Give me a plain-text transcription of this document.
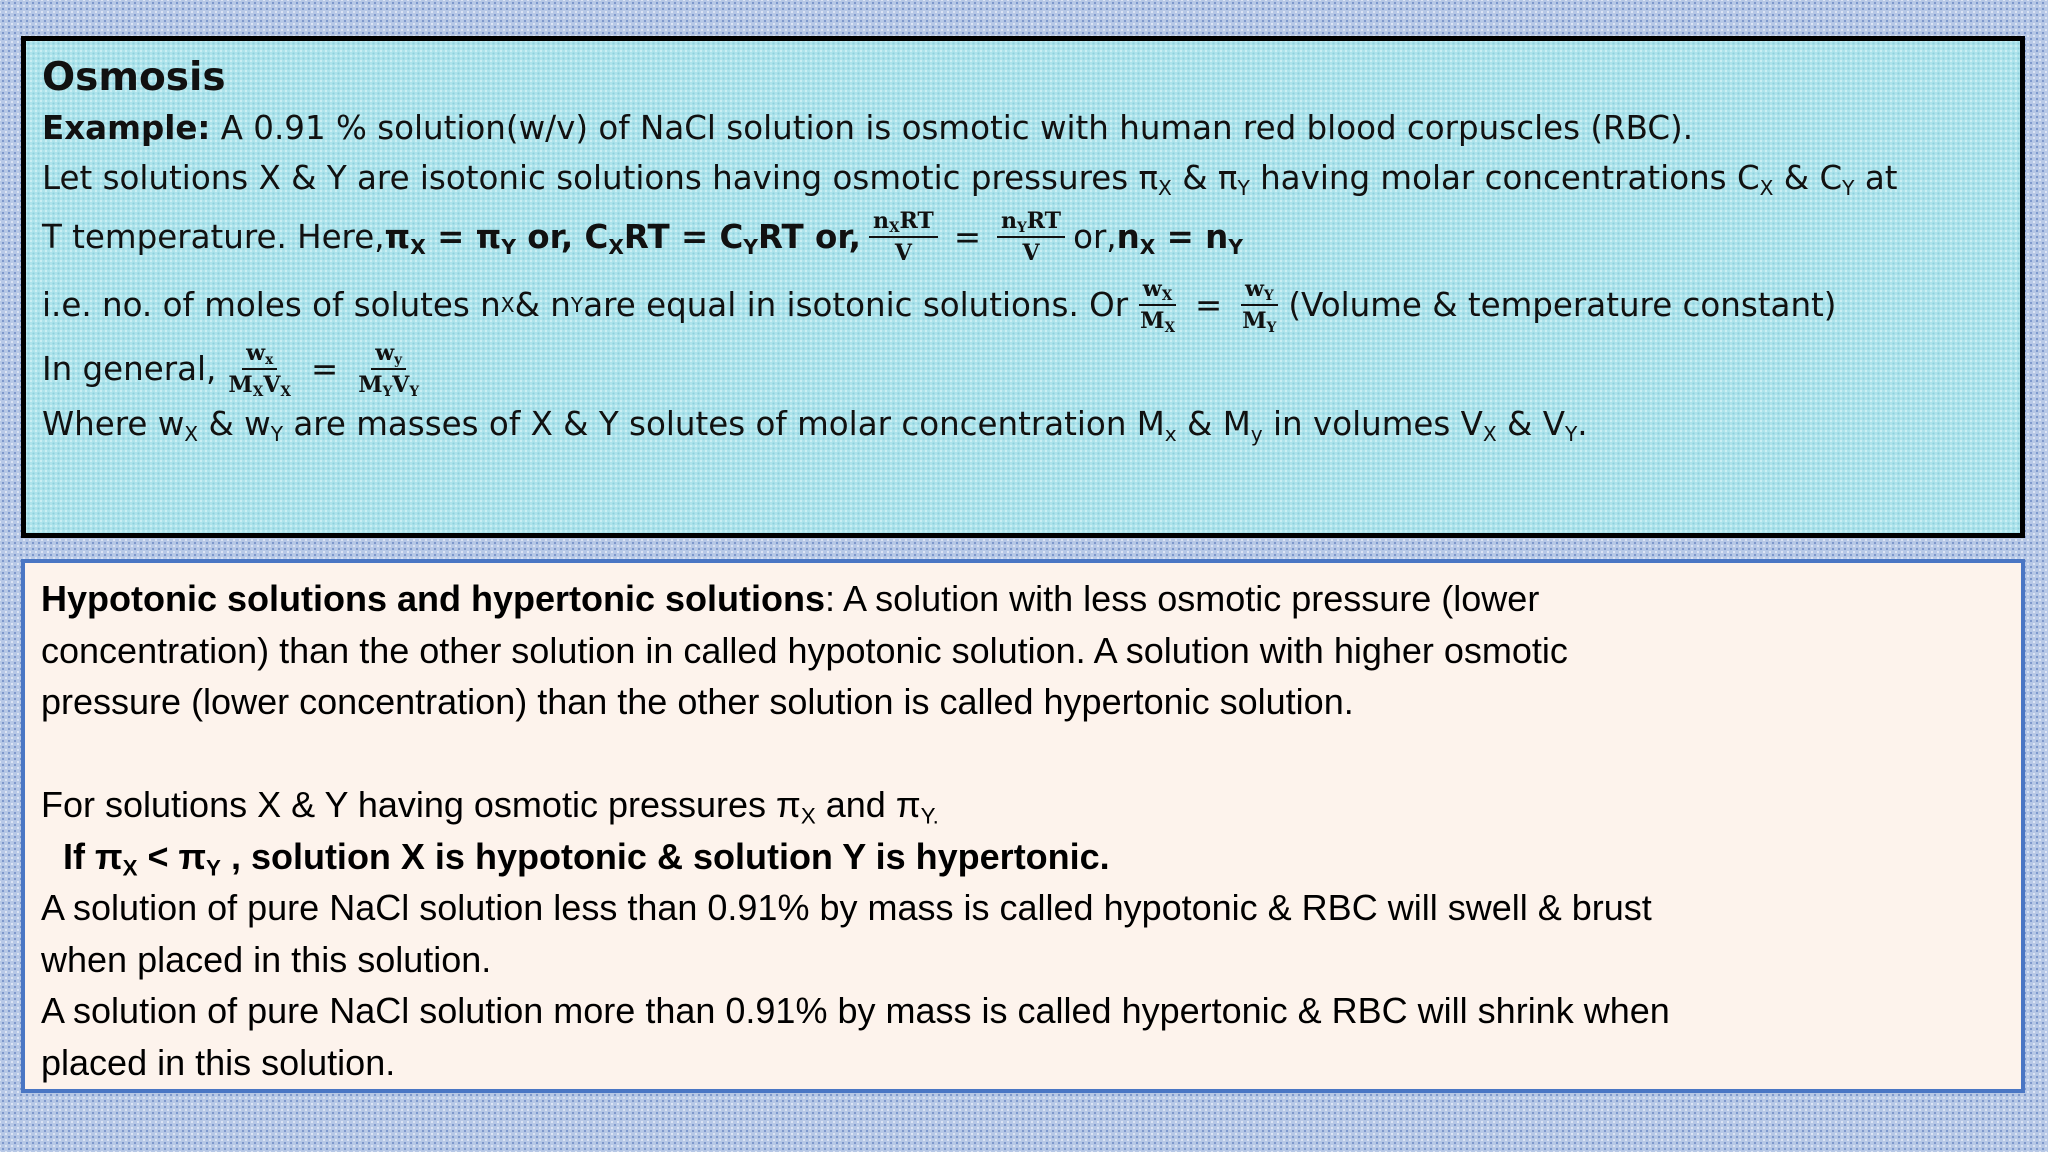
Osmosis
Example: A 0.91 % solution(w/v) of NaCl solution is osmotic with human red blood corpuscles (RBC).
Let solutions X & Y are isotonic solutions having osmotic pressures $\pi_X$ & $\pi_Y$ having molar concentrations $C_X$ & $C_Y$ at
T temperature. Here, $\pi_X = \pi_Y$ or, $C_XRT = C_YRT$ or, $\frac{n_XRT}{V} = \frac{n_YRT}{V}$ or, $n_X = n_Y$
i.e. no. of moles of solutes n X & n Y are equal in isotonic solutions. Or $\frac{w_X}{M_X} = \frac{w_Y}{M_Y}$ (Volume & temperature constant)
In general, $\frac{w_x}{M_XV_X} = \frac{w_y}{M_YV_Y}$
Where $w_X$ & $w_Y$ are masses of X & Y solutes of molar concentration $M_x$ & $M_y$ in volumes $V_X$ & $V_Y$.
Hypotonic solutions and hypertonic solutions: A solution with less osmotic pressure (lower
concentration) than the other solution in called hypotonic solution. A solution with higher osmotic
pressure (lower concentration) than the other solution is called hypertonic solution.
For solutions X & Y having osmotic pressures $\pi_X$ and $\pi_{Y.}$
If $\pi_X < \pi_Y$ , solution X is hypotonic & solution Y is hypertonic.
A solution of pure NaCl solution less than 0.91% by mass is called hypotonic & RBC will swell & brust
when placed in this solution.
A solution of pure NaCl solution more than 0.91% by mass is called hypertonic & RBC will shrink when
placed in this solution.
